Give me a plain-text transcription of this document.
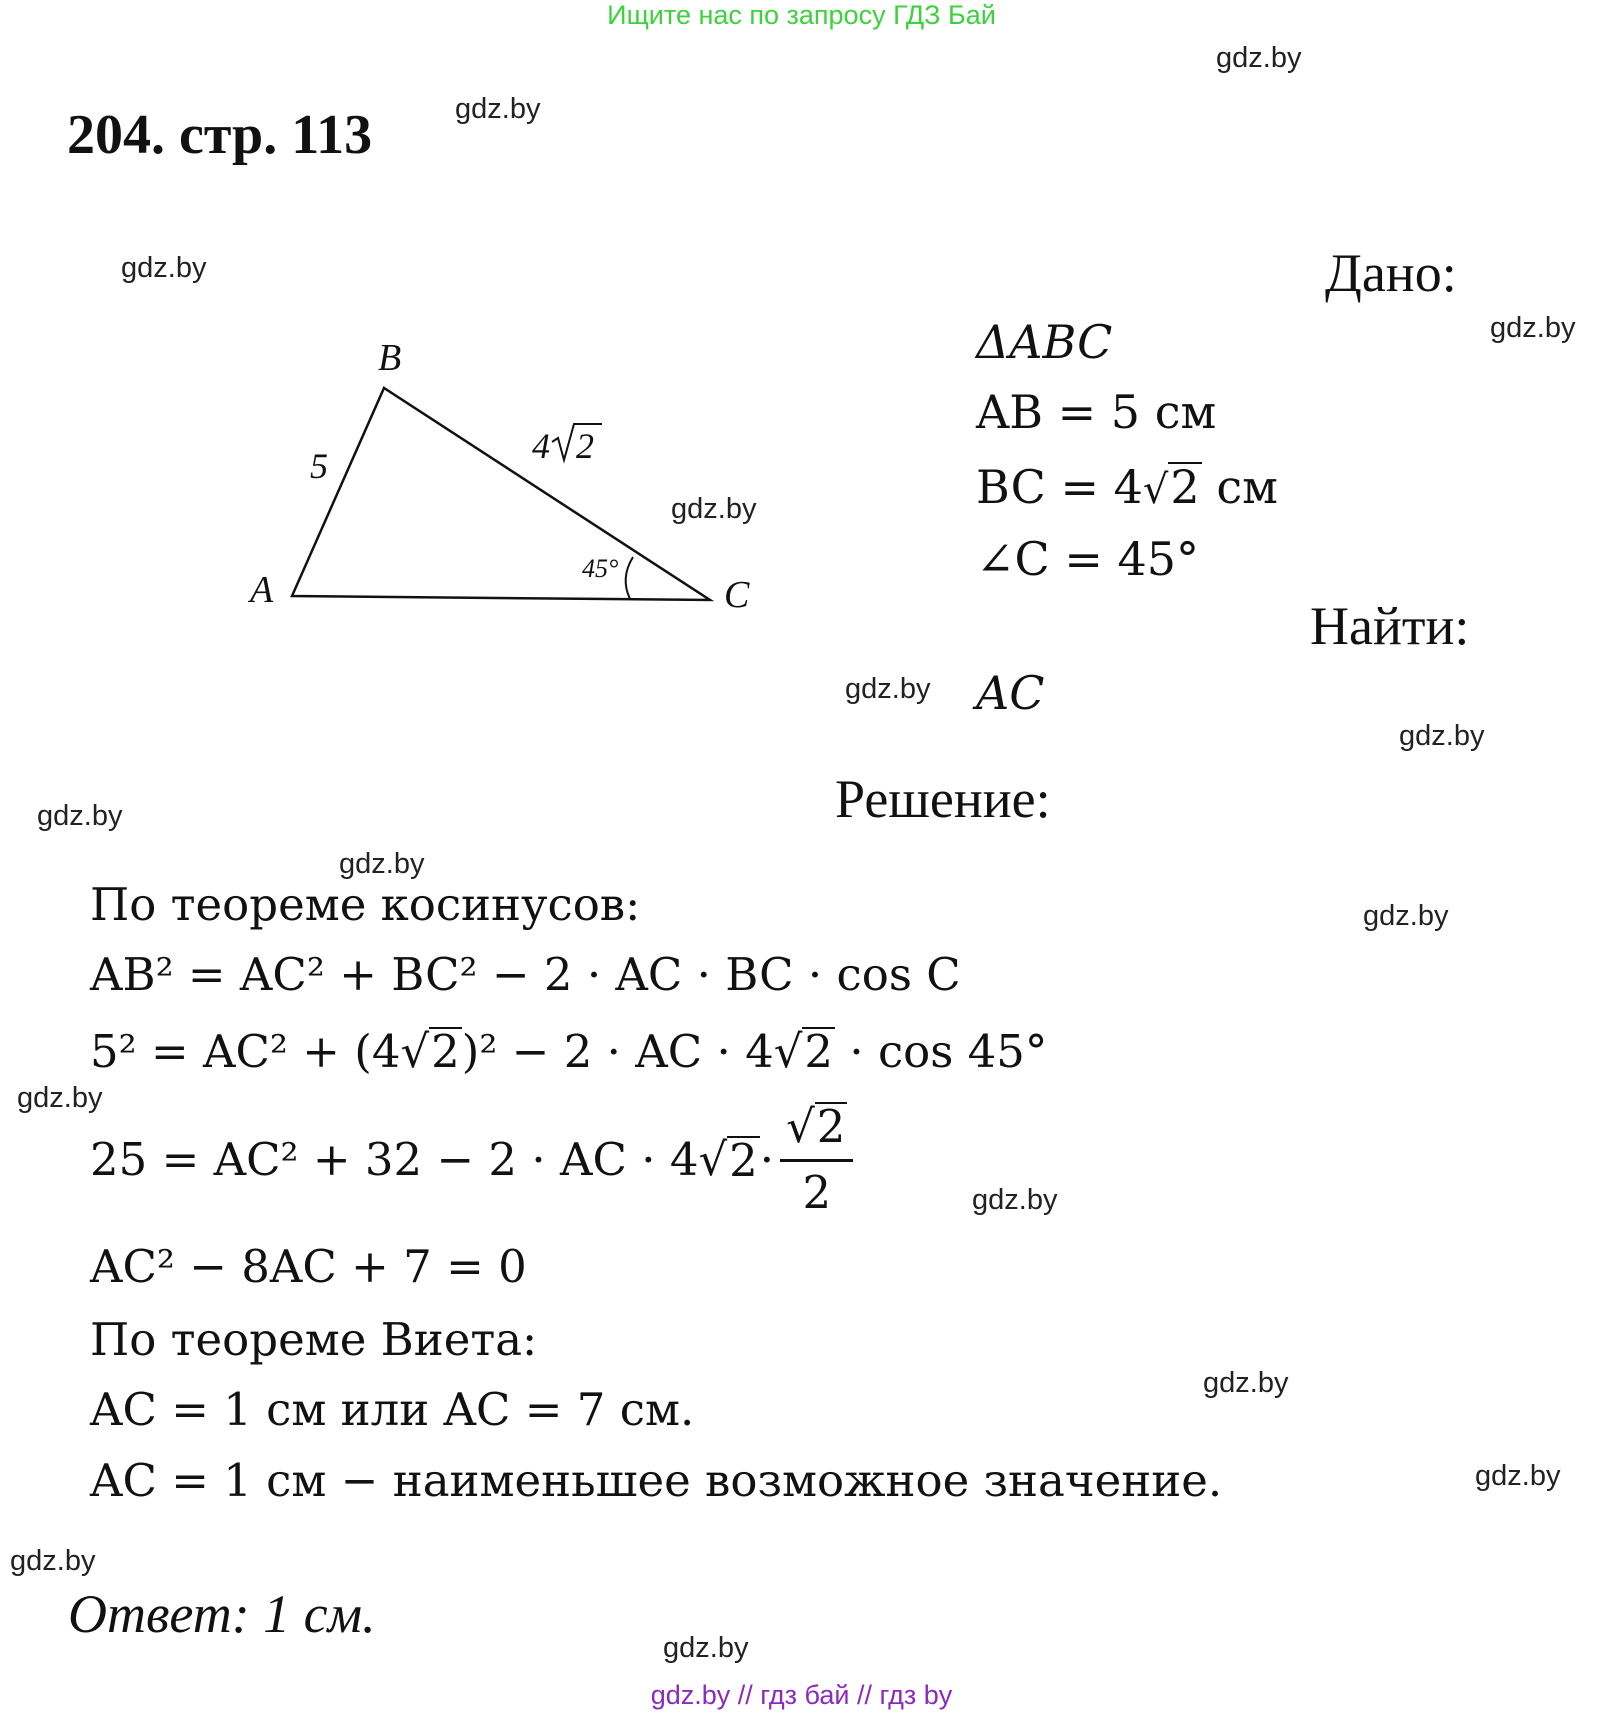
Ищите нас по запросу ГДЗ Бай
204. стр. 113
gdz.by
gdz.by
gdz.by
gdz.by
gdz.by
gdz.by
gdz.by
gdz.by
gdz.by
gdz.by
gdz.by
gdz.by
gdz.by
gdz.by
gdz.by
gdz.by
B
A	C
5	4 2
45°
Дано:
ΔABC
AB = 5 см
BC = 4√2 см
∠C = 45°
Найти:
AC
Решение:
По теореме косинусов:
AB² = AC² + BC² − 2 · AC · BC · cos C
5² = AC² + (4√2)² − 2 · AC · 4√2 · cos 45°
25 = AC² + 32 − 2 · AC · 4 √ $2 \cdot \frac{√2}{2}$
AC² − 8AC + 7 = 0
По теореме Виета:
AC = 1 см или AC = 7 см.
AC = 1 см − наименьшее возможное значение.
Ответ: 1 см.
gdz.by // гдз бай // гдз by
